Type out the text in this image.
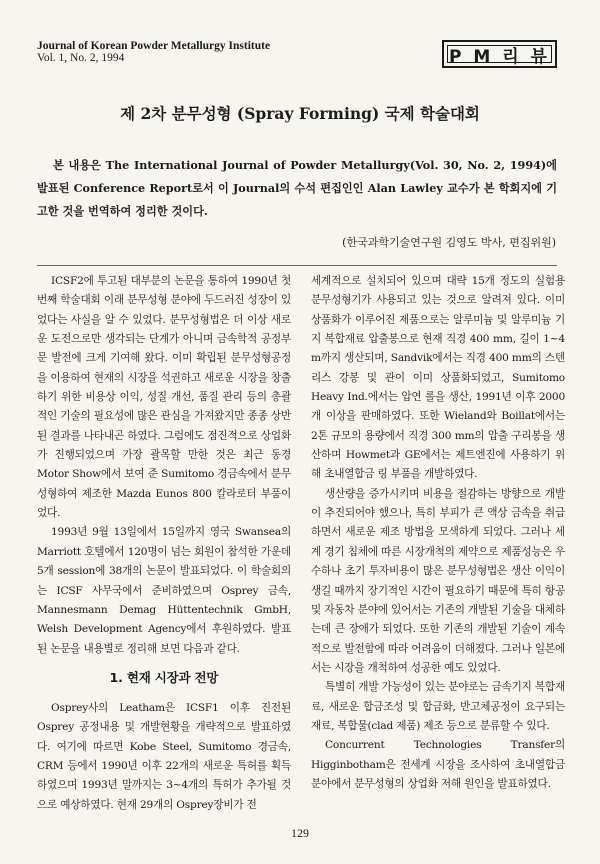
Journal of Korean Powder Metallurgy Institute
Vol. 1, No. 2, 1994	P M 리 뷰
제 2차 분무성형 (Spray Forming) 국제 학술대회
본 내용은 The International Journal of Powder Metallurgy(Vol. 30, No. 2, 1994)에 발표된 Conference Report로서 이 Journal의 수석 편집인인 Alan Lawley 교수가 본 학회지에 기고한 것을 번역하여 정리한 것이다.
(한국과학기술연구원 김영도 박사, 편집위원)

ICSF2에 투고된 대부분의 논문을 통하여 1990년 첫번째 학술대회 이래 분무성형 분야에 두드러진 성장이 있었다는 사실을 알 수 있었다. 분무성형법은 더 이상 새로운 도전으로만 생각되는 단계가 아니며 금속학적 공정부문 발전에 크게 기여해 왔다. 이미 확립된 분무성형공정을 이용하여 현재의 시장을 석권하고 새로운 시장을 창출하기 위한 비용상 이익, 성질 개선, 품질 관리 등의 총괄적인 기술의 필요성에 많은 관심을 가져왔지만 종종 상반된 결과를 나타내곤 하였다. 그럼에도 점진적으로 상업화가 진행되었으며 가장 괄목할 만한 것은 최근 동경 Motor Show에서 보여 준 Sumitomo 경금속에서 분무성형하여 제조한 Mazda Eunos 800 칼라로터 부품이었다.

1993년 9월 13일에서 15일까지 영국 Swansea의 Marriott 호텔에서 120명이 넘는 회원이 참석한 가운데 5개 session에 38개의 논문이 발표되었다. 이 학술회의는 ICSF 사무국에서 준비하였으며 Osprey 금속, Mannesmann Demag Hüttentechnik GmbH, Welsh Development Agency에서 후원하였다. 발표된 논문을 내용별로 정리해 보면 다음과 같다.

1. 현재 시장과 전망

Osprey사의 Leatham은 ICSF1 이후 진전된 Osprey 공정내용 및 개발현황을 개략적으로 발표하였다. 여기에 따르면 Kobe Steel, Sumitomo 경금속, CRM 등에서 1990년 이후 22개의 새로운 특허를 획득하였으며 1993년 말까지는 3~4개의 특허가 추가될 것으로 예상하였다. 현재 29개의 Osprey장비가 전

세계적으로 설치되어 있으며 대략 15개 정도의 실험용 분무성형기가 사용되고 있는 것으로 알려져 있다. 이미 상품화가 이루어진 제품으로는 알루미늄 및 알루미늄 기지 복합재료 압출봉으로 현재 직경 400 mm, 길이 1~4 m까지 생산되며, Sandvik에서는 직경 400 mm의 스텐리스 강봉 및 관이 이미 상품화되었고, Sumitomo Heavy Ind.에서는 압연 롤을 생산, 1991년 이후 2000개 이상을 판매하였다. 또한 Wieland와 Boillat에서는 2톤 규모의 용량에서 직경 300 mm의 압출 구리봉을 생산하며 Howmet과 GE에서는 제트엔진에 사용하기 위해 초내열합금 링 부품을 개발하였다.

생산량을 증가시키며 비용을 절감하는 방향으로 개발이 추진되어야 했으나, 특히 부피가 큰 액상 금속을 취급하면서 새로운 제조 방법을 모색하게 되었다. 그러나 세계 경기 침체에 따른 시장개척의 제약으로 제품성능은 우수하나 초기 투자비용이 많은 분무성형법은 생산 이익이 생길 때까지 장기적인 시간이 필요하기 때문에 특히 항공 및 자동차 분야에 있어서는 기존의 개발된 기술을 대체하는데 큰 장애가 되었다. 또한 기존의 개발된 기술이 계속적으로 발전함에 따라 어려움이 더해졌다. 그러나 일본에서는 시장을 개척하여 성공한 예도 있었다.

특별히 개발 가능성이 있는 분야로는 금속기지 복합재료, 새로운 합금조성 및 합금화, 반고체공정이 요구되는 재료, 복합물(clad 제품) 제조 등으로 분류할 수 있다.

Concurrent Technologies Transfer의 Higginbotham은 전세계 시장을 조사하여 초내열합금 분야에서 분무성형의 상업화 저해 원인을 발표하였다.

129
